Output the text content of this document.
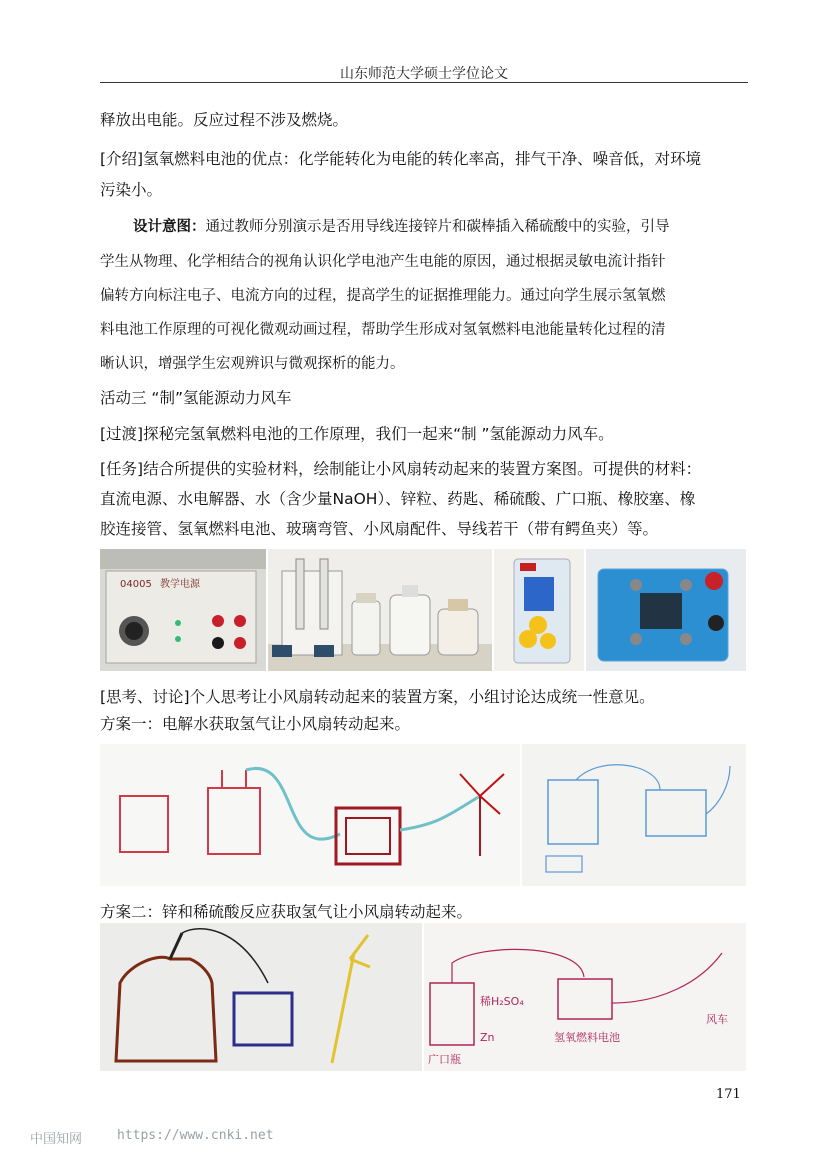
山东师范大学硕士学位论文
释放出电能。反应过程不涉及燃烧。
[介绍]氢氧燃料电池的优点：化学能转化为电能的转化率高，排气干净、噪音低，对环境
污染小。
设计意图：通过教师分别演示是否用导线连接锌片和碳棒插入稀硫酸中的实验，引导
学生从物理、化学相结合的视角认识化学电池产生电能的原因，通过根据灵敏电流计指针
偏转方向标注电子、电流方向的过程，提高学生的证据推理能力。通过向学生展示氢氧燃
料电池工作原理的可视化微观动画过程，帮助学生形成对氢氧燃料电池能量转化过程的清
晰认识，增强学生宏观辨识与微观探析的能力。
活动三 “制”氢能源动力风车
[过渡]探秘完氢氧燃料电池的工作原理，我们一起来“制 ”氢能源动力风车。
[任务]结合所提供的实验材料，绘制能让小风扇转动起来的装置方案图。可提供的材料：
直流电源、水电解器、水（含少量NaOH）、锌粒、药匙、稀硫酸、广口瓶、橡胶塞、橡
胶连接管、氢氧燃料电池、玻璃弯管、小风扇配件、导线若干（带有鳄鱼夹）等。
04005 教学电源
[思考、讨论]个人思考让小风扇转动起来的装置方案，小组讨论达成统一性意见。
方案一：电解水获取氢气让小风扇转动起来。
方案二：锌和稀硫酸反应获取氢气让小风扇转动起来。
稀H₂SO₄
Zn
广口瓶
氢氧燃料电池
风车
171
中国知网	https://www.cnki.net
